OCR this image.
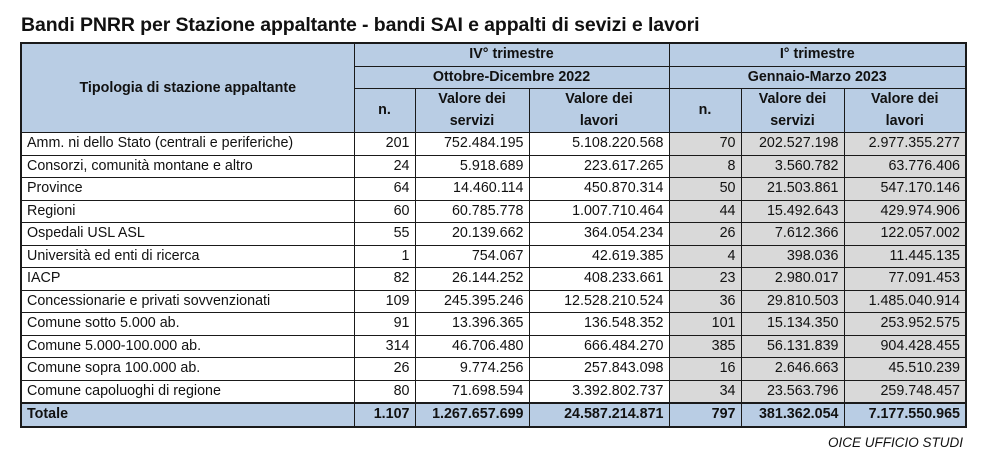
Bandi PNRR per Stazione appaltante - bandi SAI e appalti di sevizi e lavori
Tipologia di stazione appaltante	IV° trimestre			I° trimestre		
	Ottobre-Dicembre 2022			Gennaio-Marzo 2023		
	n.	Valore dei	Valore dei	n.	Valore dei	Valore dei
		servizi	lavori		servizi	lavori
Amm. ni dello Stato (centrali e periferiche)	201	752.484.195	5.108.220.568	70	202.527.198	2.977.355.277
Consorzi, comunità montane e altro	24	5.918.689	223.617.265	8	3.560.782	63.776.406
Province	64	14.460.114	450.870.314	50	21.503.861	547.170.146
Regioni	60	60.785.778	1.007.710.464	44	15.492.643	429.974.906
Ospedali USL ASL	55	20.139.662	364.054.234	26	7.612.366	122.057.002
Università ed enti di ricerca	1	754.067	42.619.385	4	398.036	11.445.135
IACP	82	26.144.252	408.233.661	23	2.980.017	77.091.453
Concessionarie e privati sovvenzionati	109	245.395.246	12.528.210.524	36	29.810.503	1.485.040.914
Comune sotto 5.000 ab.	91	13.396.365	136.548.352	101	15.134.350	253.952.575
Comune 5.000-100.000 ab.	314	46.706.480	666.484.270	385	56.131.839	904.428.455
Comune sopra 100.000 ab.	26	9.774.256	257.843.098	16	2.646.663	45.510.239
Comune capoluoghi di regione	80	71.698.594	3.392.802.737	34	23.563.796	259.748.457
Totale	1.107	1.267.657.699	24.587.214.871	797	381.362.054	7.177.550.965
OICE UFFICIO STUDI
